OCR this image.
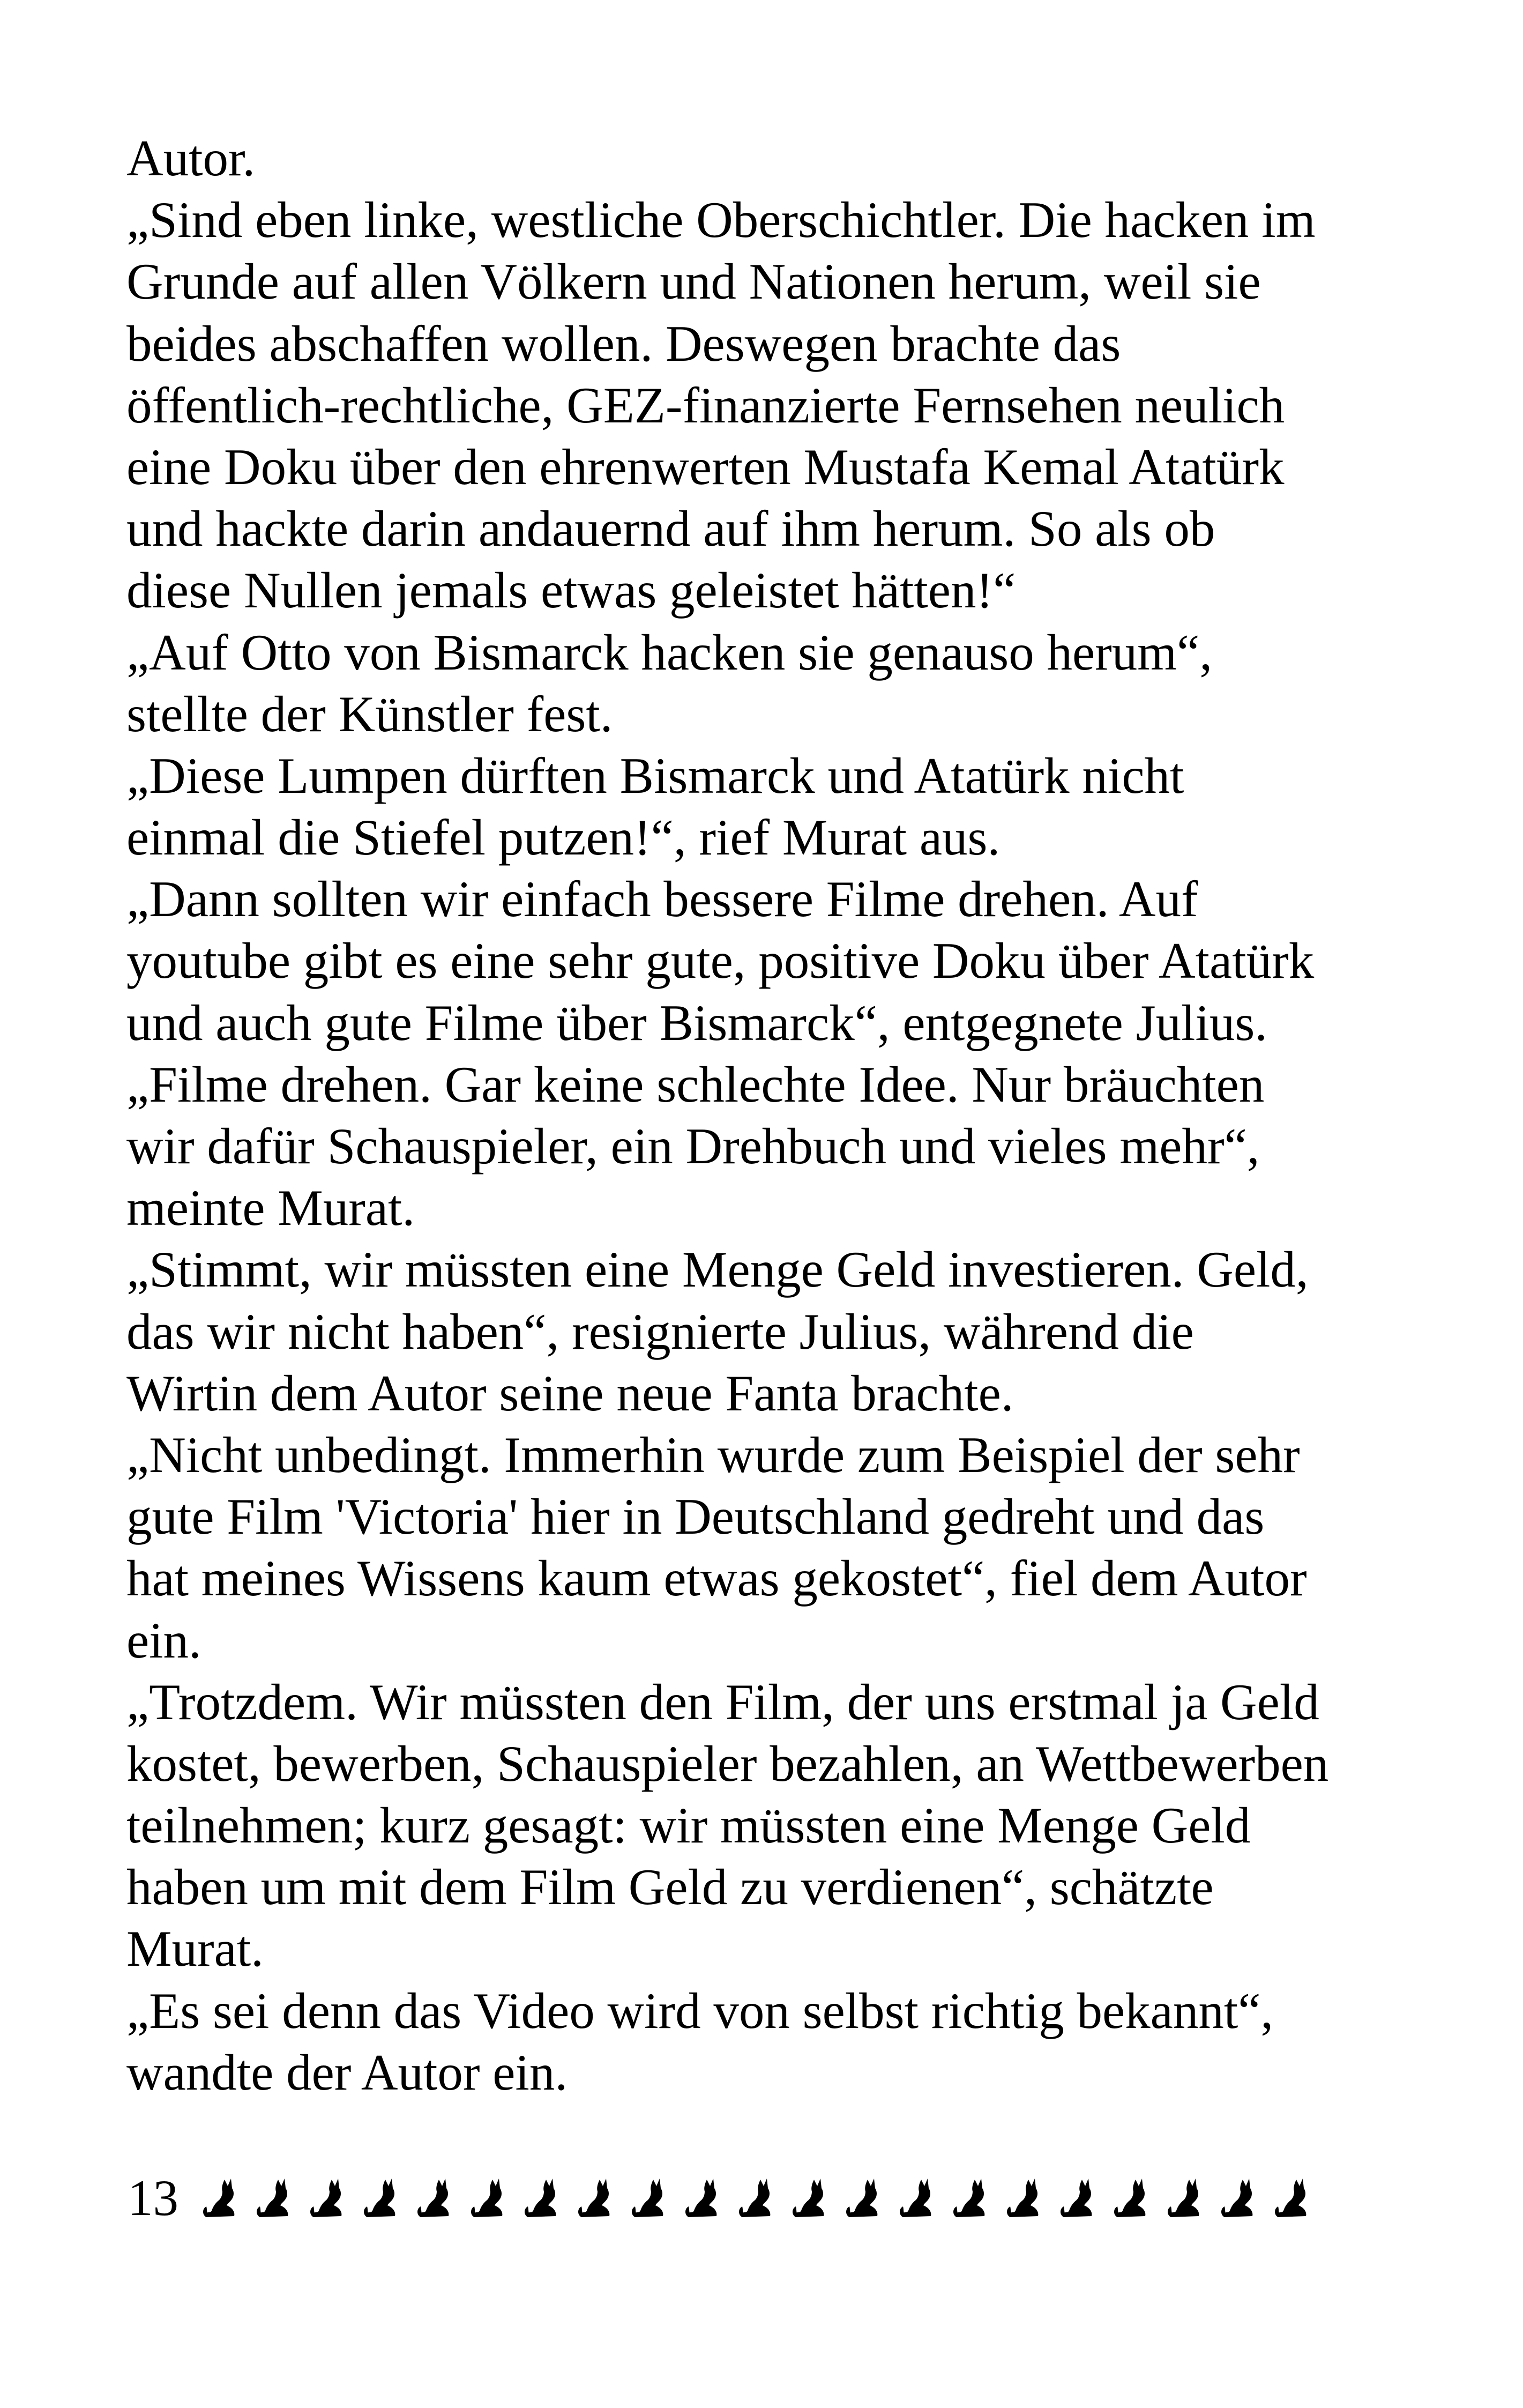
Autor.
„Sind eben linke, westliche Oberschichtler. Die hacken im
Grunde auf allen Völkern und Nationen herum, weil sie
beides abschaffen wollen. Deswegen brachte das
öffentlich-rechtliche, GEZ-finanzierte Fernsehen neulich
eine Doku über den ehrenwerten Mustafa Kemal Atatürk
und hackte darin andauernd auf ihm herum. So als ob
diese Nullen jemals etwas geleistet hätten!“
„Auf Otto von Bismarck hacken sie genauso herum“,
stellte der Künstler fest.
„Diese Lumpen dürften Bismarck und Atatürk nicht
einmal die Stiefel putzen!“, rief Murat aus.
„Dann sollten wir einfach bessere Filme drehen. Auf
youtube gibt es eine sehr gute, positive Doku über Atatürk
und auch gute Filme über Bismarck“, entgegnete Julius.
„Filme drehen. Gar keine schlechte Idee. Nur bräuchten
wir dafür Schauspieler, ein Drehbuch und vieles mehr“,
meinte Murat.
„Stimmt, wir müssten eine Menge Geld investieren. Geld,
das wir nicht haben“, resignierte Julius, während die
Wirtin dem Autor seine neue Fanta brachte.
„Nicht unbedingt. Immerhin wurde zum Beispiel der sehr
gute Film 'Victoria' hier in Deutschland gedreht und das
hat meines Wissens kaum etwas gekostet“, fiel dem Autor
ein.
„Trotzdem. Wir müssten den Film, der uns erstmal ja Geld
kostet, bewerben, Schauspieler bezahlen, an Wettbewerben
teilnehmen; kurz gesagt: wir müssten eine Menge Geld
haben um mit dem Film Geld zu verdienen“, schätzte
Murat.
„Es sei denn das Video wird von selbst richtig bekannt“,
wandte der Autor ein.
13
